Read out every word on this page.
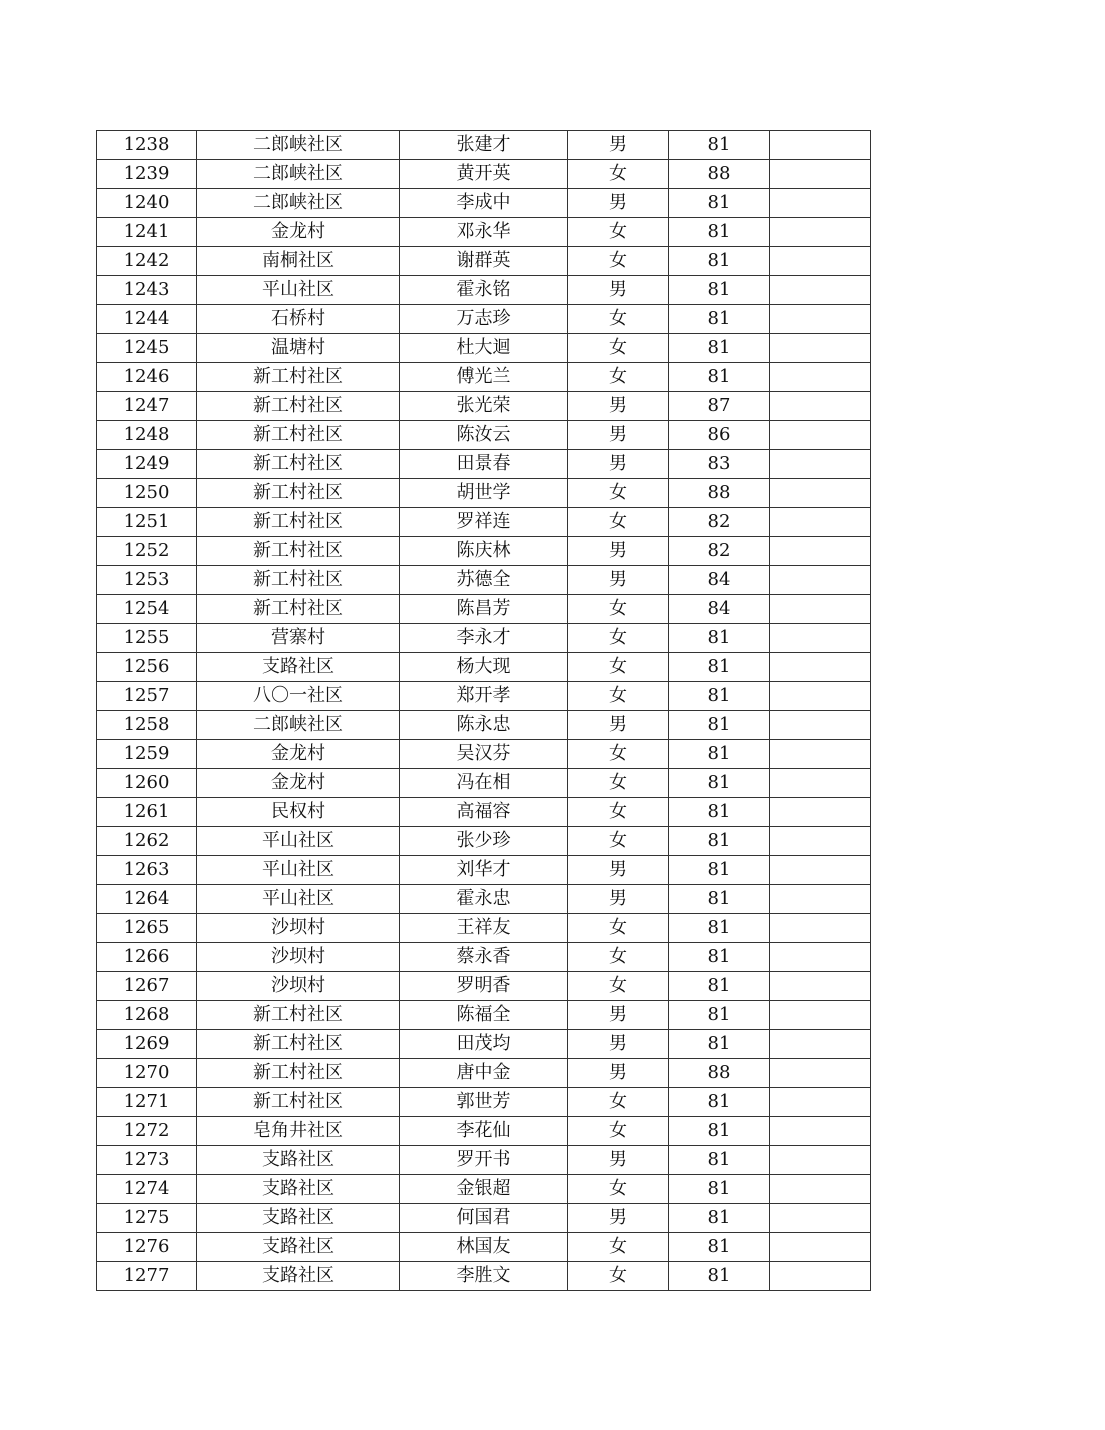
1238	二郎峡社区	张建才	男	81	
1239	二郎峡社区	黄开英	女	88	
1240	二郎峡社区	李成中	男	81	
1241	金龙村	邓永华	女	81	
1242	南桐社区	谢群英	女	81	
1243	平山社区	霍永铭	男	81	
1244	石桥村	万志珍	女	81	
1245	温塘村	杜大迴	女	81	
1246	新工村社区	傅光兰	女	81	
1247	新工村社区	张光荣	男	87	
1248	新工村社区	陈汝云	男	86	
1249	新工村社区	田景春	男	83	
1250	新工村社区	胡世学	女	88	
1251	新工村社区	罗祥连	女	82	
1252	新工村社区	陈庆林	男	82	
1253	新工村社区	苏德全	男	84	
1254	新工村社区	陈昌芳	女	84	
1255	营寨村	李永才	女	81	
1256	支路社区	杨大现	女	81	
1257	八〇一社区	郑开孝	女	81	
1258	二郎峡社区	陈永忠	男	81	
1259	金龙村	吴汉芬	女	81	
1260	金龙村	冯在相	女	81	
1261	民权村	高福容	女	81	
1262	平山社区	张少珍	女	81	
1263	平山社区	刘华才	男	81	
1264	平山社区	霍永忠	男	81	
1265	沙坝村	王祥友	女	81	
1266	沙坝村	蔡永香	女	81	
1267	沙坝村	罗明香	女	81	
1268	新工村社区	陈福全	男	81	
1269	新工村社区	田茂均	男	81	
1270	新工村社区	唐中金	男	88	
1271	新工村社区	郭世芳	女	81	
1272	皂角井社区	李花仙	女	81	
1273	支路社区	罗开书	男	81	
1274	支路社区	金银超	女	81	
1275	支路社区	何国君	男	81	
1276	支路社区	林国友	女	81	
1277	支路社区	李胜文	女	81	
